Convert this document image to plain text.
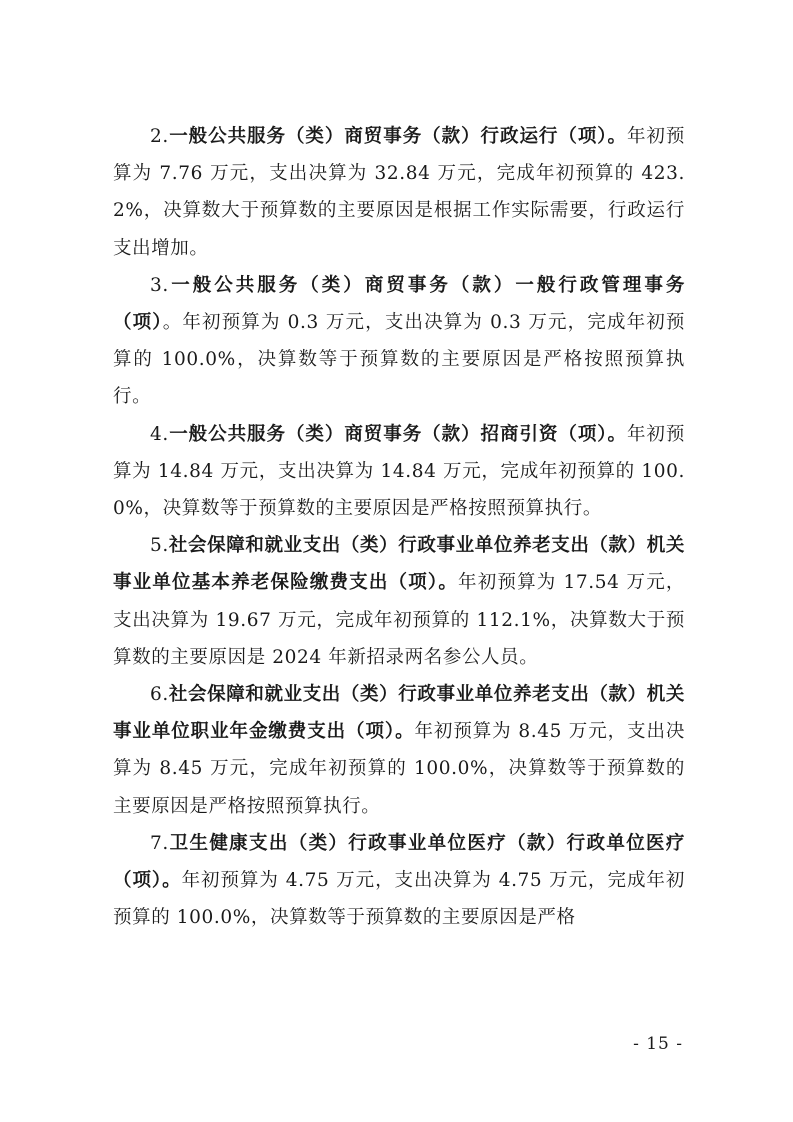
2.一般公共服务（类）商贸事务（款）行政运行（项）。年初预算为 7.76 万元，支出决算为 32.84 万元，完成年初预算的 423.2%，决算数大于预算数的主要原因是根据工作实际需要，行政运行支出增加。

3.一般公共服务（类）商贸事务（款）一般行政管理事务（项）。年初预算为 0.3 万元，支出决算为 0.3 万元，完成年初预算的 100.0%，决算数等于预算数的主要原因是严格按照预算执行。

4.一般公共服务（类）商贸事务（款）招商引资（项）。年初预算为 14.84 万元，支出决算为 14.84 万元，完成年初预算的 100.0%，决算数等于预算数的主要原因是严格按照预算执行。

5.社会保障和就业支出（类）行政事业单位养老支出（款）机关事业单位基本养老保险缴费支出（项）。年初预算为 17.54 万元，支出决算为 19.67 万元，完成年初预算的 112.1%，决算数大于预算数的主要原因是 2024 年新招录两名参公人员。

6.社会保障和就业支出（类）行政事业单位养老支出（款）机关事业单位职业年金缴费支出（项）。年初预算为 8.45 万元，支出决算为 8.45 万元，完成年初预算的 100.0%，决算数等于预算数的主要原因是严格按照预算执行。

7.卫生健康支出（类）行政事业单位医疗（款）行政单位医疗（项）。年初预算为 4.75 万元，支出决算为 4.75 万元，完成年初预算的 100.0%，决算数等于预算数的主要原因是严格

- 15 -
